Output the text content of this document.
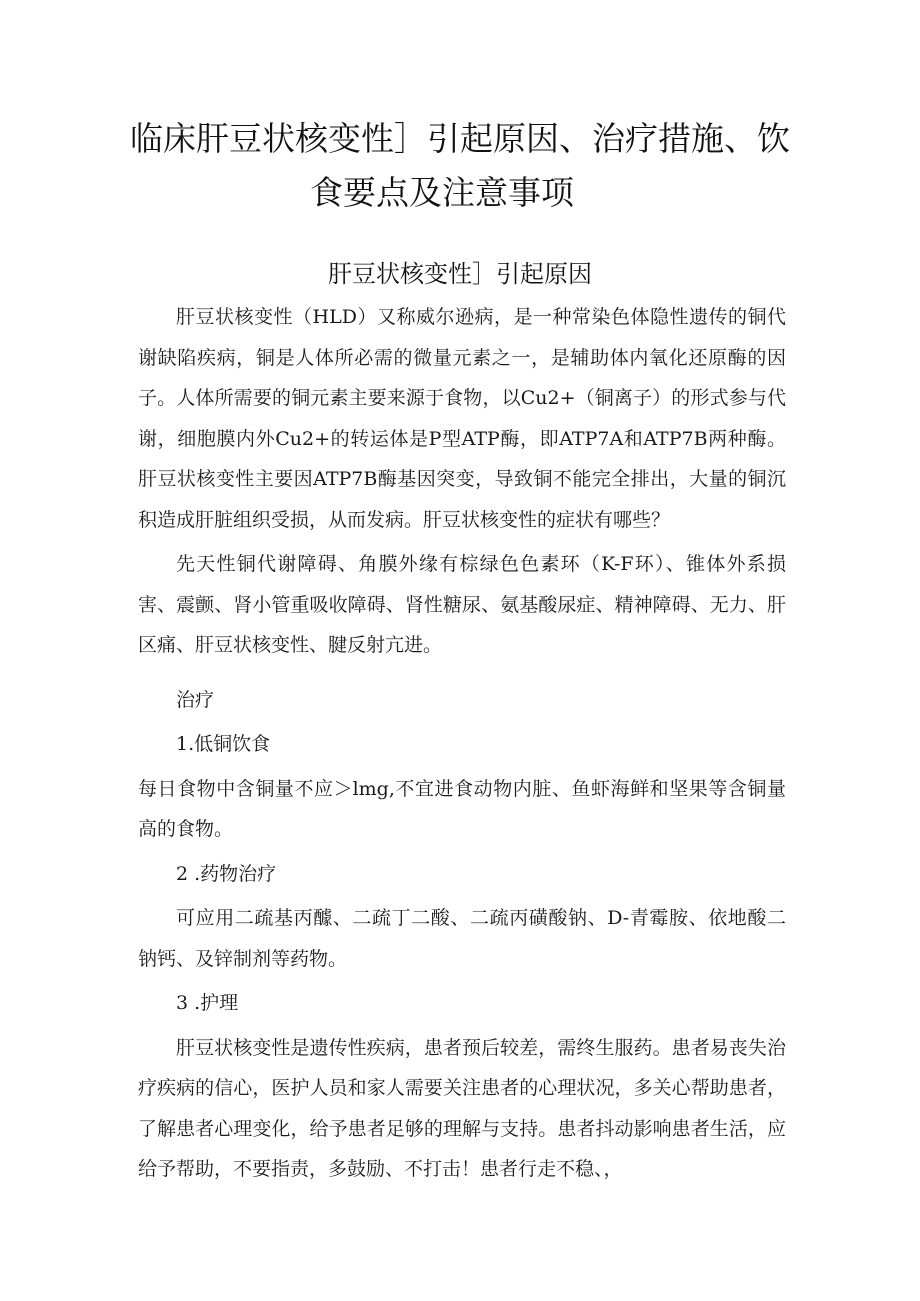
临床肝豆状核变性］引起原因、治疗措施、饮
食要点及注意事项
肝豆状核变性］引起原因

肝豆状核变性（HLD）又称威尔逊病，是一种常染色体隐性遗传的铜代谢缺陷疾病，铜是人体所必需的微量元素之一，是辅助体内氧化还原酶的因子。人体所需要的铜元素主要来源于食物，以Cu2+（铜离子）的形式参与代谢，细胞膜内外Cu2+的转运体是P型ATP酶，即ATP7A和ATP7B两种酶。肝豆状核变性主要因ATP7B酶基因突变，导致铜不能完全排出，大量的铜沉积造成肝脏组织受损，从而发病。肝豆状核变性的症状有哪些？

先天性铜代谢障碍、角膜外缘有棕绿色色素环（K-F环）、锥体外系损害、震颤、肾小管重吸收障碍、肾性糖尿、氨基酸尿症、精神障碍、无力、肝区痛、肝豆状核变性、腱反射亢进。

治疗

1.低铜饮食

每日食物中含铜量不应＞lmg,不宜进食动物内脏、鱼虾海鲜和坚果等含铜量高的食物。

2 .药物治疗

可应用二疏基丙醵、二疏丁二酸、二疏丙磺酸钠、D-青霉胺、依地酸二钠钙、及锌制剂等药物。

3 .护理

肝豆状核变性是遗传性疾病，患者预后较差，需终生服药。患者易丧失治疗疾病的信心，医护人员和家人需要关注患者的心理状况，多关心帮助患者，了解患者心理变化，给予患者足够的理解与支持。患者抖动影响患者生活，应给予帮助，不要指责，多鼓励、不打击！患者行走不稳、，
